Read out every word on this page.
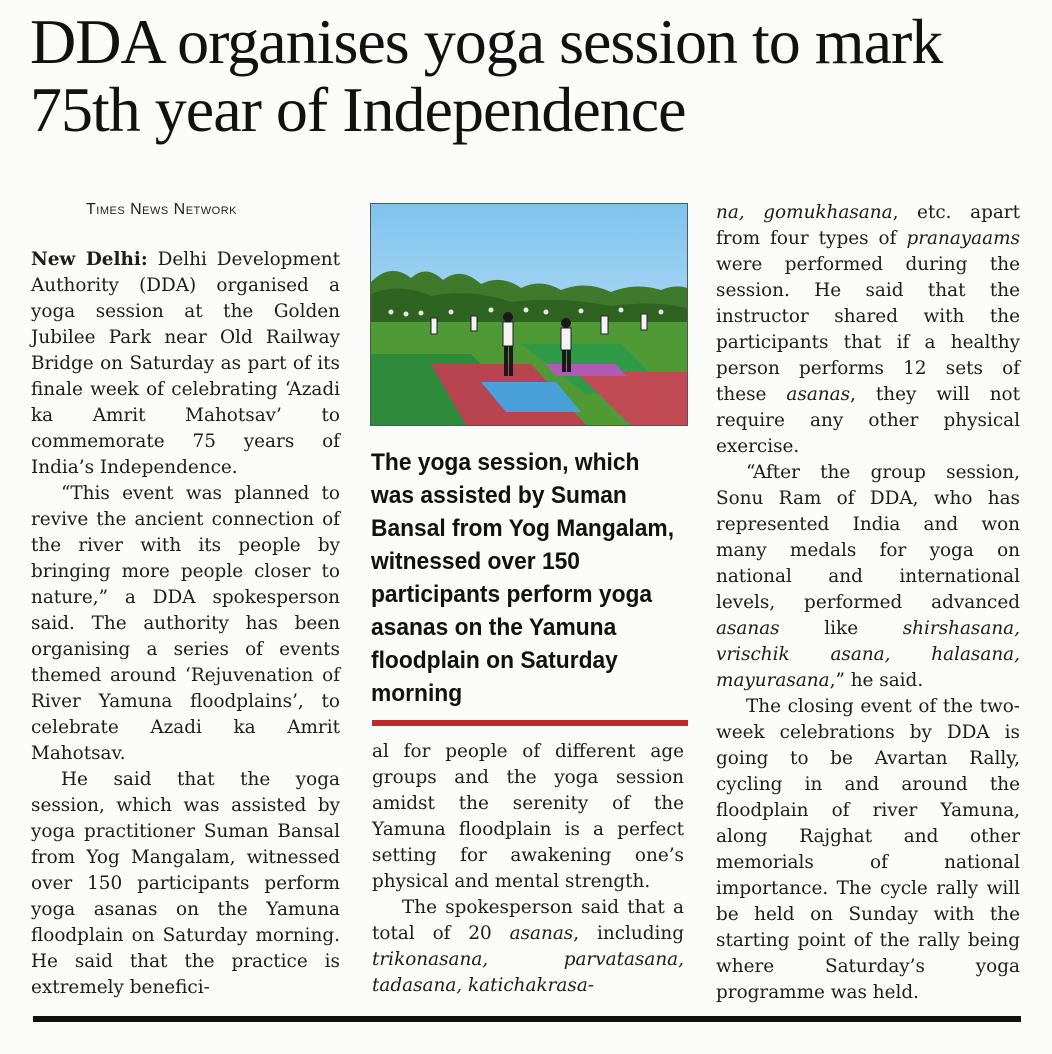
DDA organises yoga session to mark 75th year of Independence
Times News Network

New Delhi: Delhi Development Authority (DDA) organised a yoga session at the Golden Jubilee Park near Old Railway Bridge on Saturday as part of its finale week of celebrating ‘Azadi ka Amrit Mahotsav’ to commemorate 75 years of India’s Independence.

“This event was planned to revive the ancient connection of the river with its people by bringing more people closer to nature,” a DDA spokesperson said. The authority has been organising a series of events themed around ‘Rejuvenation of River Yamuna floodplains’, to celebrate Azadi ka Amrit Mahotsav.

He said that the yoga session, which was assisted by yoga practitioner Suman Bansal from Yog Mangalam, witnessed over 150 participants perform yoga asanas on the Yamuna floodplain on Saturday morning. He said that the practice is extremely benefici-

The yoga session, which was assisted by Suman Bansal from Yog Mangalam, witnessed over 150 participants perform yoga asanas on the Yamuna floodplain on Saturday morning

al for people of different age groups and the yoga session amidst the serenity of the Yamuna floodplain is a perfect setting for awakening one’s physical and mental strength.

The spokesperson said that a total of 20 asanas, including trikonasana, parvatasana, tadasana, katichakrasa-

na, gomukhasana, etc. apart from four types of pranayaams were performed during the session. He said that the instructor shared with the participants that if a healthy person performs 12 sets of these asanas, they will not require any other physical exercise.

“After the group session, Sonu Ram of DDA, who has represented India and won many medals for yoga on national and international levels, performed advanced asanas like shirshasana, vrischik asana, halasana, mayurasana,” he said.

The closing event of the two-week celebrations by DDA is going to be Avartan Rally, cycling in and around the floodplain of river Yamuna, along Rajghat and other memorials of national importance. The cycle rally will be held on Sunday with the starting point of the rally being where Saturday’s yoga programme was held.
